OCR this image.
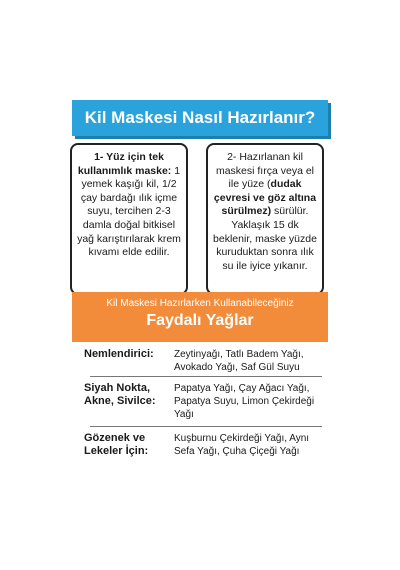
Kil Maskesi Nasıl Hazırlanır?
1- Yüz için tek kullanımlık maske: 1 yemek kaşığı kil, 1/2 çay bardağı ılık içme suyu, tercihen 2-3 damla doğal bitkisel yağ karıştırılarak krem kıvamı elde edilir.
2- Hazırlanan kil maskesi fırça veya el ile yüze (dudak çevresi ve göz altına sürülmez) sürülür. Yaklaşık 15 dk beklenir, maske yüzde kuruduktan sonra ılık su ile iyice yıkanır.
Kil Maskesi Hazırlarken Kullanabileceğiniz
Faydalı Yağlar
Nemlendirici:	Zeytinyağı, Tatlı Badem Yağı, Avokado Yağı, Saf Gül Suyu
Siyah Nokta, Akne, Sivilce:
Papatya Yağı, Çay Ağacı Yağı, Papatya Suyu, Limon Çekirdeği Yağı
Gözenek ve Lekeler İçin:
Kuşburnu Çekirdeği Yağı, Aynı Sefa Yağı, Çuha Çiçeği Yağı
